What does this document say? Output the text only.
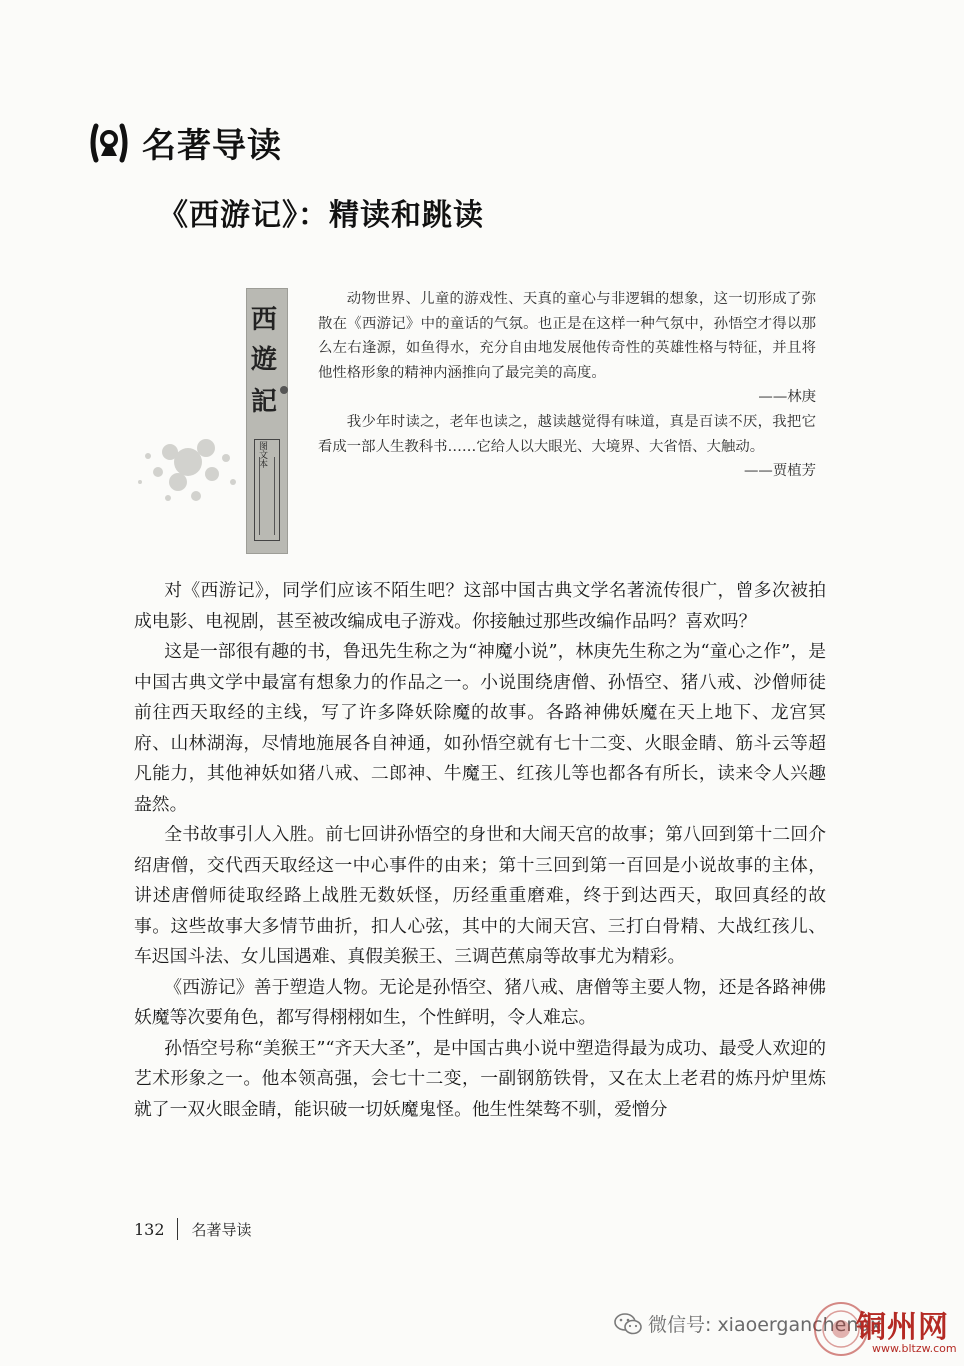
名著导读
《西游记》：精读和跳读
西
遊
記
图文本

动物世界、儿童的游戏性、天真的童心与非逻辑的想象，这一切形成了弥散在《西游记》中的童话的气氛。也正是在这样一种气氛中，孙悟空才得以那么左右逢源，如鱼得水，充分自由地发展他传奇性的英雄性格与特征，并且将他性格形象的精神内涵推向了最完美的高度。

——林庚

我少年时读之，老年也读之，越读越觉得有味道，真是百读不厌，我把它看成一部人生教科书……它给人以大眼光、大境界、大省悟、大触动。

——贾植芳

对《西游记》，同学们应该不陌生吧？这部中国古典文学名著流传很广，曾多次被拍成电影、电视剧，甚至被改编成电子游戏。你接触过那些改编作品吗？喜欢吗？

这是一部很有趣的书，鲁迅先生称之为“神魔小说”，林庚先生称之为“童心之作”，是中国古典文学中最富有想象力的作品之一。小说围绕唐僧、孙悟空、猪八戒、沙僧师徒前往西天取经的主线，写了许多降妖除魔的故事。各路神佛妖魔在天上地下、龙宫冥府、山林湖海，尽情地施展各自神通，如孙悟空就有七十二变、火眼金睛、筋斗云等超凡能力，其他神妖如猪八戒、二郎神、牛魔王、红孩儿等也都各有所长，读来令人兴趣盎然。

全书故事引人入胜。前七回讲孙悟空的身世和大闹天宫的故事；第八回到第十二回介绍唐僧，交代西天取经这一中心事件的由来；第十三回到第一百回是小说故事的主体，讲述唐僧师徒取经路上战胜无数妖怪，历经重重磨难，终于到达西天，取回真经的故事。这些故事大多情节曲折，扣人心弦，其中的大闹天宫、三打白骨精、大战红孩儿、车迟国斗法、女儿国遇难、真假美猴王、三调芭蕉扇等故事尤为精彩。

《西游记》善于塑造人物。无论是孙悟空、猪八戒、唐僧等主要人物，还是各路神佛妖魔等次要角色，都写得栩栩如生，个性鲜明，令人难忘。

孙悟空号称“美猴王”“齐天大圣”，是中国古典小说中塑造得最为成功、最受人欢迎的艺术形象之一。他本领高强，会七十二变，一副钢筋铁骨，又在太上老君的炼丹炉里炼就了一双火眼金睛，能识破一切妖魔鬼怪。他生性桀骜不驯，爱憎分

132 名著导读
微信号: xiaoerganchengx
铜州网
www.bltzw.com
